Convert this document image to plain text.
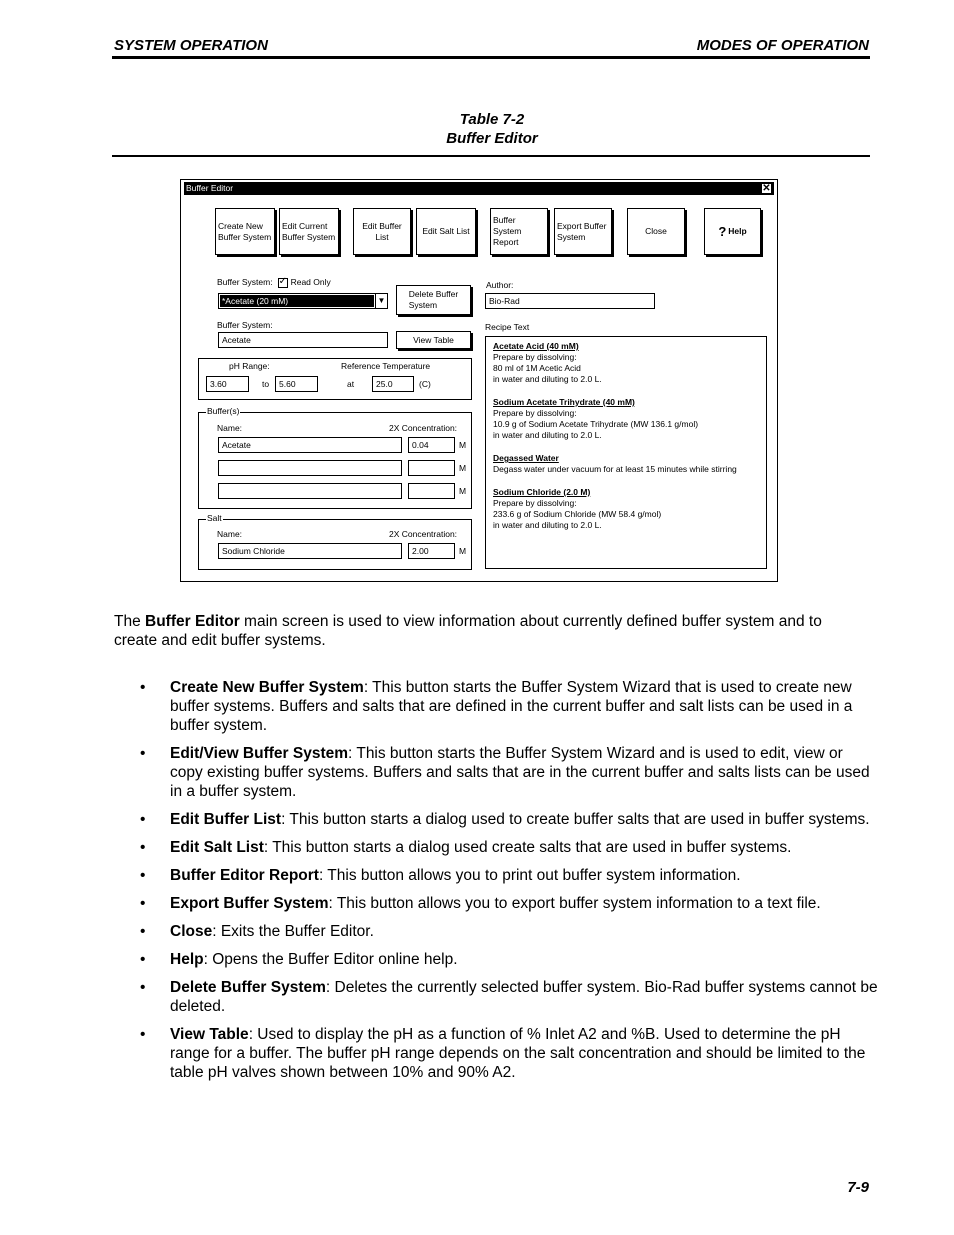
SYSTEM OPERATION	MODES OF OPERATION
Table 7-2
Buffer Editor
Buffer Editor	✕
Create New
Buffer System
Edit Current
Buffer System
Edit Buffer
List
Edit Salt List
Buffer System
Report
Export Buffer
System
Close	? Help
Buffer System:✓ Read Only
*Acetate (20 mM)	▼
Delete Buffer
System
Buffer System:
Acetate	View Table
pH Range:	Reference Temperature
3.60	to	5.60	at	25.0	(C)
Buffer(s)
Name:	2X Concentration:
Acetate	0.04	M
M
M
Salt
Name:	2X Concentration:
Sodium Chloride	2.00	M
Author:
Bio-Rad
Recipe Text
Acetate Acid (40 mM)
Prepare by dissolving:
80 ml of 1M Acetic Acid
in water and diluting to 2.0 L.
Sodium Acetate Trihydrate (40 mM)
Prepare by dissolving:
10.9 g of Sodium Acetate Trihydrate (MW 136.1 g/mol)
in water and diluting to 2.0 L.
Degassed Water
Degass water under vacuum for at least 15 minutes while stirring
Sodium Chloride (2.0 M)
Prepare by dissolving:
233.6 g of Sodium Chloride (MW 58.4 g/mol)
in water and diluting to 2.0 L.
The Buffer Editor main screen is used to view information about currently defined buffer system and to create and edit buffer systems.
• Create New Buffer System: This button starts the Buffer System Wizard that is used to create new buffer systems. Buffers and salts that are defined in the current buffer and salt lists can be used in a buffer system.
• Edit/View Buffer System: This button starts the Buffer System Wizard and is used to edit, view or copy existing buffer systems. Buffers and salts that are in the current buffer and salts lists can be used in a buffer system.
• Edit Buffer List: This button starts a dialog used to create buffer salts that are used in buffer systems.
• Edit Salt List: This button starts a dialog used create salts that are used in buffer systems.
• Buffer Editor Report: This button allows you to print out buffer system information.
• Export Buffer System: This button allows you to export buffer system information to a text file.
• Close: Exits the Buffer Editor.
• Help: Opens the Buffer Editor online help.
• Delete Buffer System: Deletes the currently selected buffer system. Bio-Rad buffer systems cannot be deleted.
• View Table: Used to display the pH as a function of % Inlet A2 and %B. Used to determine the pH range for a buffer. The buffer pH range depends on the salt concentration and should be limited to the table pH valves shown between 10% and 90% A2.
7-9
